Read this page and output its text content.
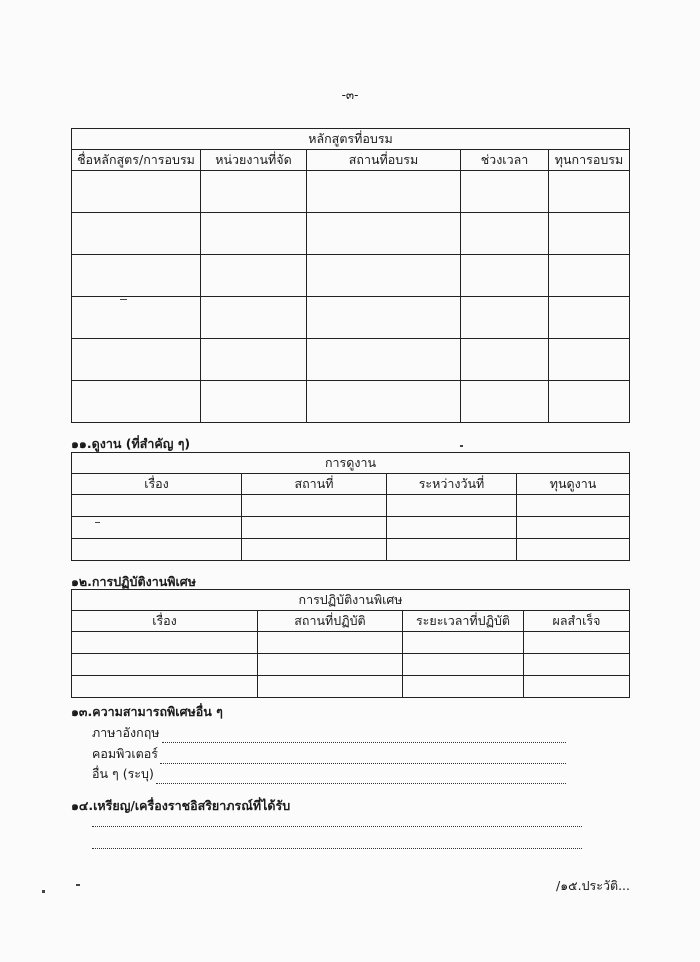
-๓-
หลักสูตรที่อบรม				
ชื่อหลักสูตร/การอบรม	หน่วยงานที่จัด	สถานที่อบรม	ช่วงเวลา	ทุนการอบรม

๑๑.ดูงาน (ที่สำคัญ ๆ)
การดูงาน			
เรื่อง	สถานที่	ระหว่างวันที่	ทุนดูงาน

๑๒.การปฏิบัติงานพิเศษ
การปฏิบัติงานพิเศษ			
เรื่อง	สถานที่ปฏิบัติ	ระยะเวลาที่ปฏิบัติ	ผลสำเร็จ

๑๓.ความสามารถพิเศษอื่น ๆ
ภาษาอังกฤษ
คอมพิวเตอร์
อื่น ๆ (ระบุ)
๑๔.เหรียญ/เครื่องราชอิสริยาภรณ์ที่ได้รับ
/๑๕.ประวัติ...
